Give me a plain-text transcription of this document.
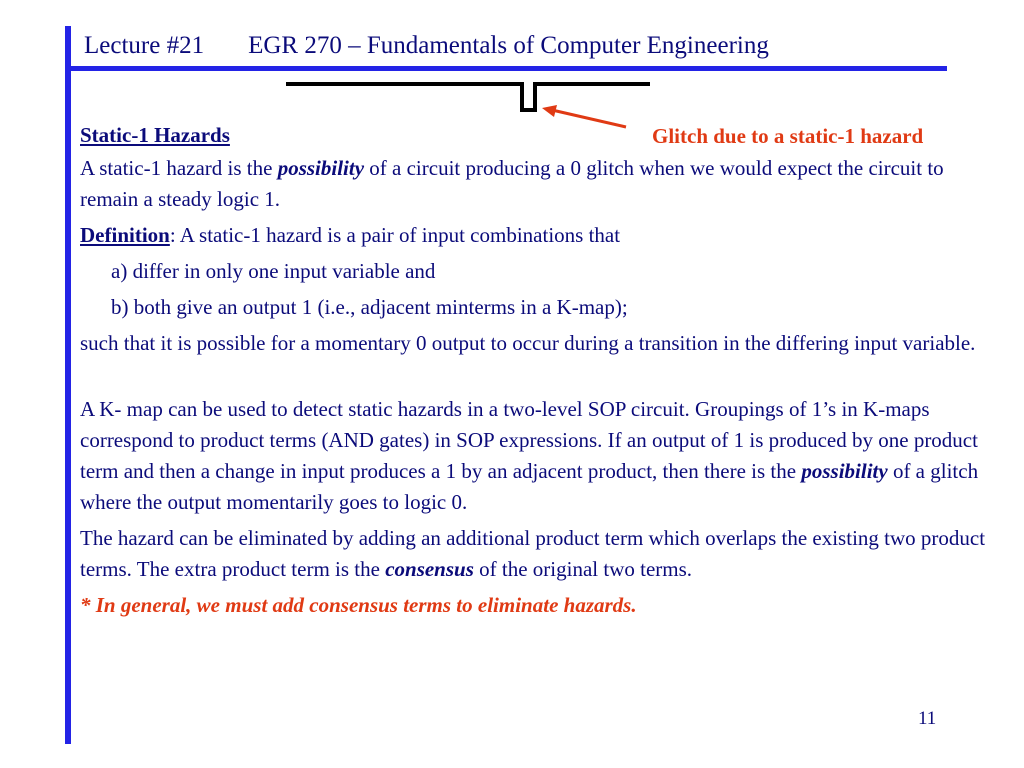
Lecture #21 EGR 270 – Fundamentals of Computer Engineering
Glitch due to a static-1 hazard

Static-1 Hazards

A static-1 hazard is the possibility of a circuit producing a 0 glitch when we would expect the circuit to remain a steady logic 1.

Definition: A static-1 hazard is a pair of input combinations that

a) differ in only one input variable and

b) both give an output 1 (i.e., adjacent minterms in a K-map);

such that it is possible for a momentary 0 output to occur during a transition in the differing input variable.

A K- map can be used to detect static hazards in a two-level SOP circuit. Groupings of 1’s in K-maps correspond to product terms (AND gates) in SOP expressions. If an output of 1 is produced by one product term and then a change in input produces a 1 by an adjacent product, then there is the possibility of a glitch where the output momentarily goes to logic 0.

The hazard can be eliminated by adding an additional product term which overlaps the existing two product terms. The extra product term is the consensus of the original two terms.

* In general, we must add consensus terms to eliminate hazards.

11
